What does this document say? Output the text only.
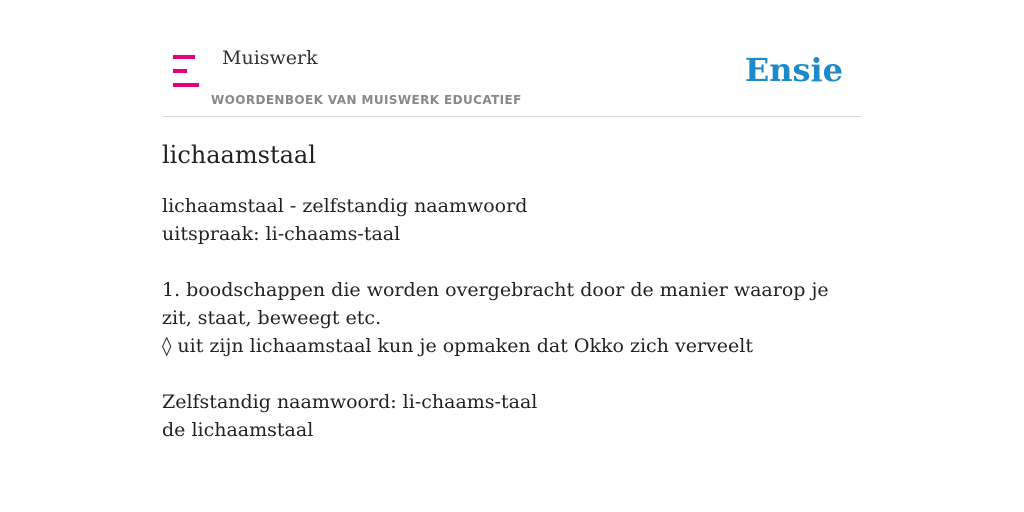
Muiswerk
WOORDENBOEK VAN MUISWERK EDUCATIEF
Ensie
lichaamstaal
lichaamstaal - zelfstandig naamwoord
uitspraak: li-chaams-taal
1. boodschappen die worden overgebracht door de manier waarop je zit, staat, beweegt etc.
◊ uit zijn lichaamstaal kun je opmaken dat Okko zich verveelt
Zelfstandig naamwoord: li-chaams-taal
de lichaamstaal
